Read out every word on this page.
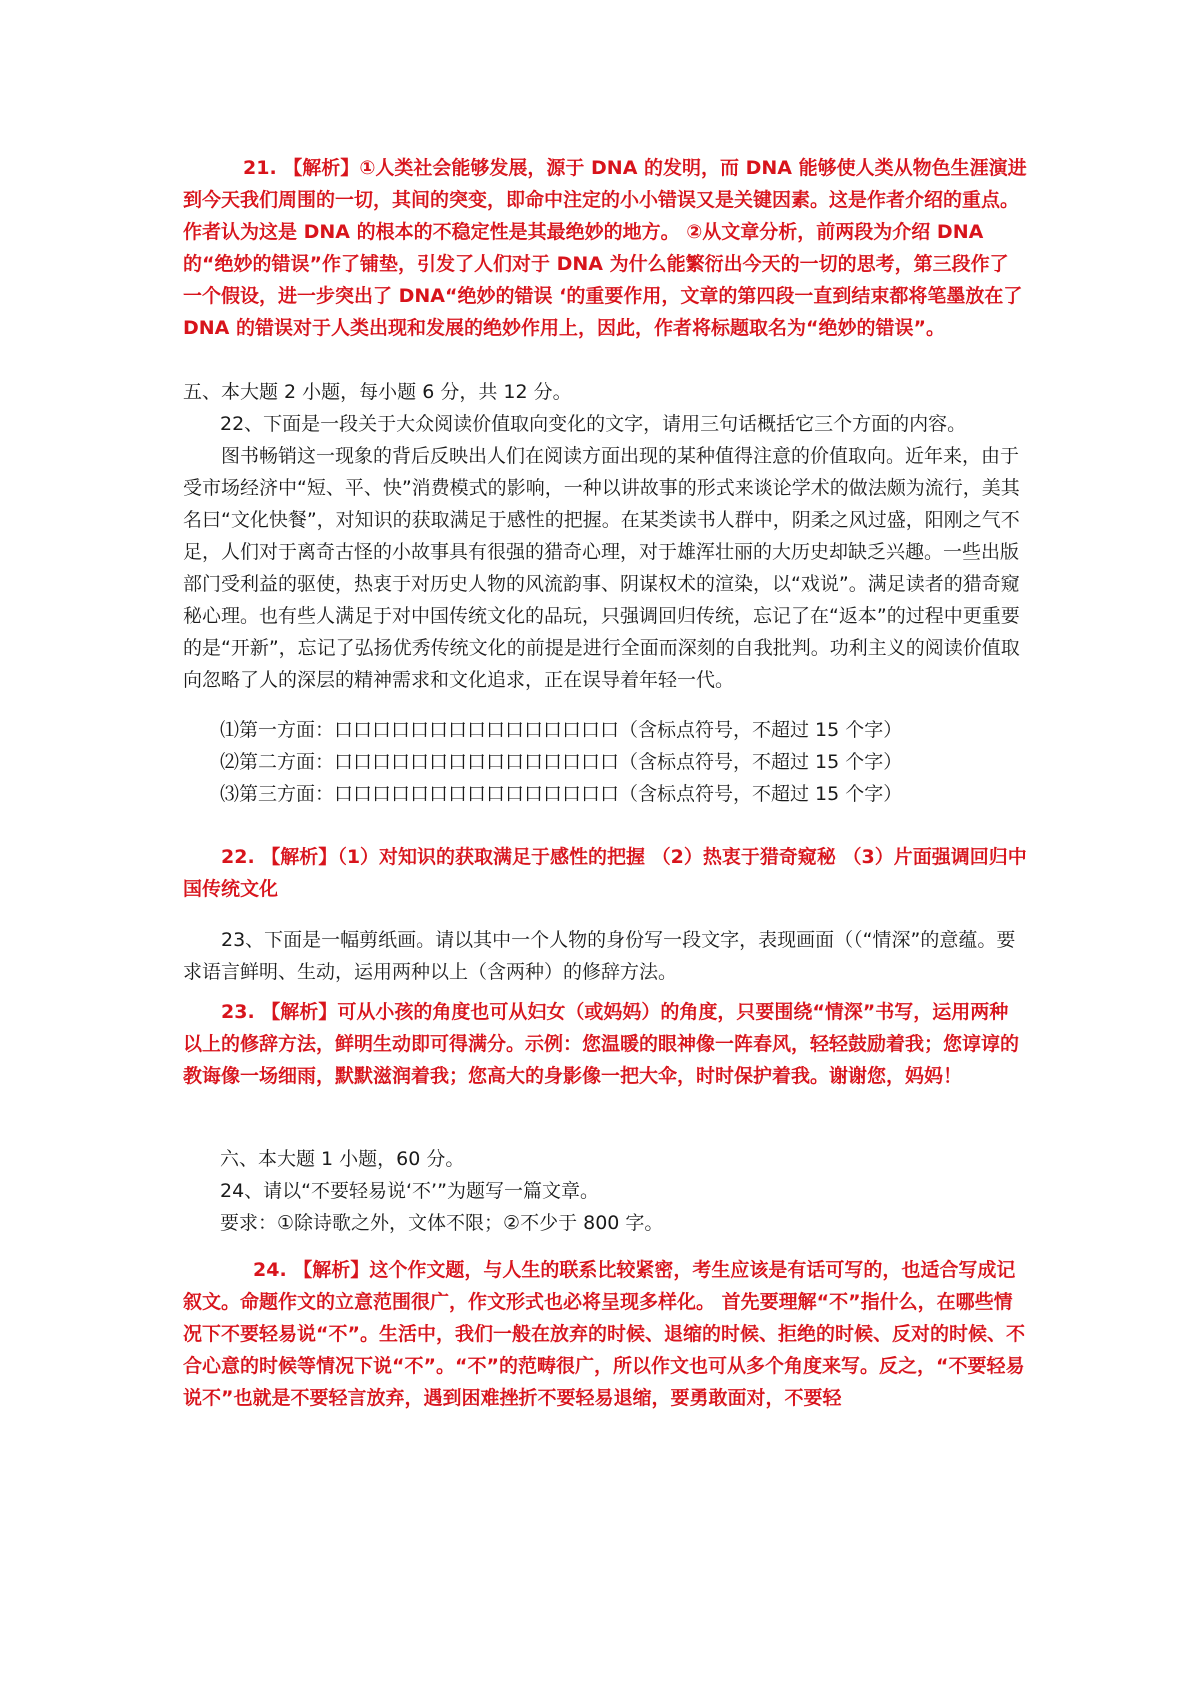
21. 【解析】①人类社会能够发展，源于 DNA 的发明，而 DNA 能够使人类从物色生涯演进到今天我们周围的一切，其间的突变，即命中注定的小小错误又是关键因素。这是作者介绍的重点。作者认为这是 DNA 的根本的不稳定性是其最绝妙的地方。 ②从文章分析，前两段为介绍 DNA 的“绝妙的错误”作了铺垫，引发了人们对于 DNA 为什么能繁衍出今天的一切的思考，第三段作了一个假设，进一步突出了 DNA“绝妙的错误 ‘的重要作用，文章的第四段一直到结束都将笔墨放在了 DNA 的错误对于人类出现和发展的绝妙作用上，因此，作者将标题取名为“绝妙的错误”。

五、本大题 2 小题，每小题 6 分，共 12 分。

22、下面是一段关于大众阅读价值取向变化的文字，请用三句话概括它三个方面的内容。

图书畅销这一现象的背后反映出人们在阅读方面出现的某种值得注意的价值取向。近年来，由于受市场经济中“短、平、快”消费模式的影响，一种以讲故事的形式来谈论学术的做法颇为流行，美其名曰“文化快餐”，对知识的获取满足于感性的把握。在某类读书人群中，阴柔之风过盛，阳刚之气不足，人们对于离奇古怪的小故事具有很强的猎奇心理，对于雄浑壮丽的大历史却缺乏兴趣。一些出版部门受利益的驱使，热衷于对历史人物的风流韵事、阴谋权术的渲染，以“戏说”。满足读者的猎奇窥秘心理。也有些人满足于对中国传统文化的品玩，只强调回归传统，忘记了在“返本”的过程中更重要的是“开新”，忘记了弘扬优秀传统文化的前提是进行全面而深刻的自我批判。功利主义的阅读价值取向忽略了人的深层的精神需求和文化追求，正在误导着年轻一代。

⑴第一方面：口口口口口口口口口口口口口口口（含标点符号，不超过 15 个字）

⑵第二方面：口口口口口口口口口口口口口口口（含标点符号，不超过 15 个字）

⑶第三方面：口口口口口口口口口口口口口口口（含标点符号，不超过 15 个字）

22. 【解析】（1）对知识的获取满足于感性的把握 （2）热衷于猎奇窥秘 （3）片面强调回归中国传统文化

23、下面是一幅剪纸画。请以其中一个人物的身份写一段文字，表现画面（（“情深”的意蕴。要求语言鲜明、生动，运用两种以上（含两种）的修辞方法。

23. 【解析】可从小孩的角度也可从妇女（或妈妈）的角度，只要围绕“情深”书写，运用两种以上的修辞方法，鲜明生动即可得满分。示例：您温暖的眼神像一阵春风，轻轻鼓励着我；您谆谆的教诲像一场细雨，默默滋润着我；您高大的身影像一把大伞，时时保护着我。谢谢您，妈妈！

六、本大题 1 小题，60 分。

24、请以“不要轻易说‘不’”为题写一篇文章。

要求：①除诗歌之外，文体不限；②不少于 800 字。

24. 【解析】这个作文题，与人生的联系比较紧密，考生应该是有话可写的，也适合写成记叙文。命题作文的立意范围很广，作文形式也必将呈现多样化。 首先要理解“不”指什么，在哪些情况下不要轻易说“不”。生活中，我们一般在放弃的时候、退缩的时候、拒绝的时候、反对的时候、不合心意的时候等情况下说“不”。“不”的范畴很广，所以作文也可从多个角度来写。反之，“不要轻易说不”也就是不要轻言放弃，遇到困难挫折不要轻易退缩，要勇敢面对，不要轻
